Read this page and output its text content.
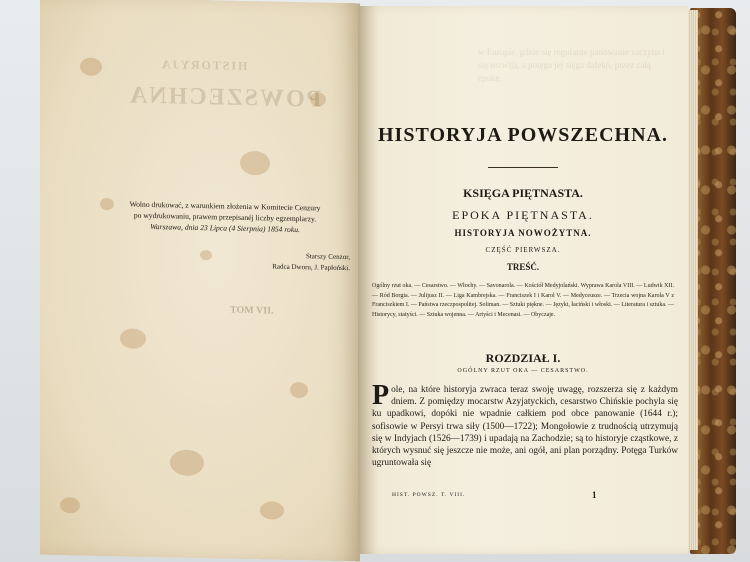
HISTORYJA
POWSZECHNA
Wolno drukować, z warunkiem złożenia w Komitecie Cenzury
po wydrukowaniu, prawem przepisanéj liczby egzemplarzy.
Warszawa, dnia 23 Lipca (4 Sierpnia) 1854 roku.
Starszy Cenzor,
Radca Dworu, J. Papłoński.
TOM VII.
w Europie, gdzie się regularne panowanie zaczyna i się rozwija, a potęga jej sięga daleko, przez całą epokę.
HISTORYJA POWSZECHNA.
KSIĘGA PIĘTNASTA.
EPOKA PIĘTNASTA.
HISTORYJA NOWOŻYTNA.
CZĘŚĆ PIERWSZA.
TREŚĆ.
Ogólny rzut oka. — Cesarstwo. — Włochy. — Savonarola. — Kościół Medyjolański. Wyprawa Karola VIII. — Ludwik XII. — Ród Borgia. — Julijusz II. — Liga Kambrejska. — Franciszek I i Karol V. — Medyceusze. — Trzecia wojna Karola V z Franciszkiem I. — Państwa rzeczpospolitej. Soliman. — Sztuki piękne. — Języki, łaciński i włoski. — Literatura i sztuka. — Historycy, statyści. — Sztuka wojenna. — Artyści i Mecenasi. — Obyczaje.
ROZDZIAŁ I.
OGÓLNY RZUT OKA — CESARSTWO.
Pole, na które historyja zwraca teraz swoję uwagę, rozszerza się z każdym dniem. Z pomiędzy mocarstw Azyjatyckich, cesarstwo Chińskie pochyla się ku upadkowi, dopóki nie wpadnie całkiem pod obce panowanie (1644 r.); sofisowie w Persyi trwa siły (1500—1722); Mongołowie z trudnością utrzymują się w Indyjach (1526—1739) i upadają na Zachodzie; są to historyje cząstkowe, z których wysnuć się jeszcze nie może, ani ogół, ani plan porządny. Potęga Turków ugruntowała się
HIST. POWSZ. T. VIII.	1
